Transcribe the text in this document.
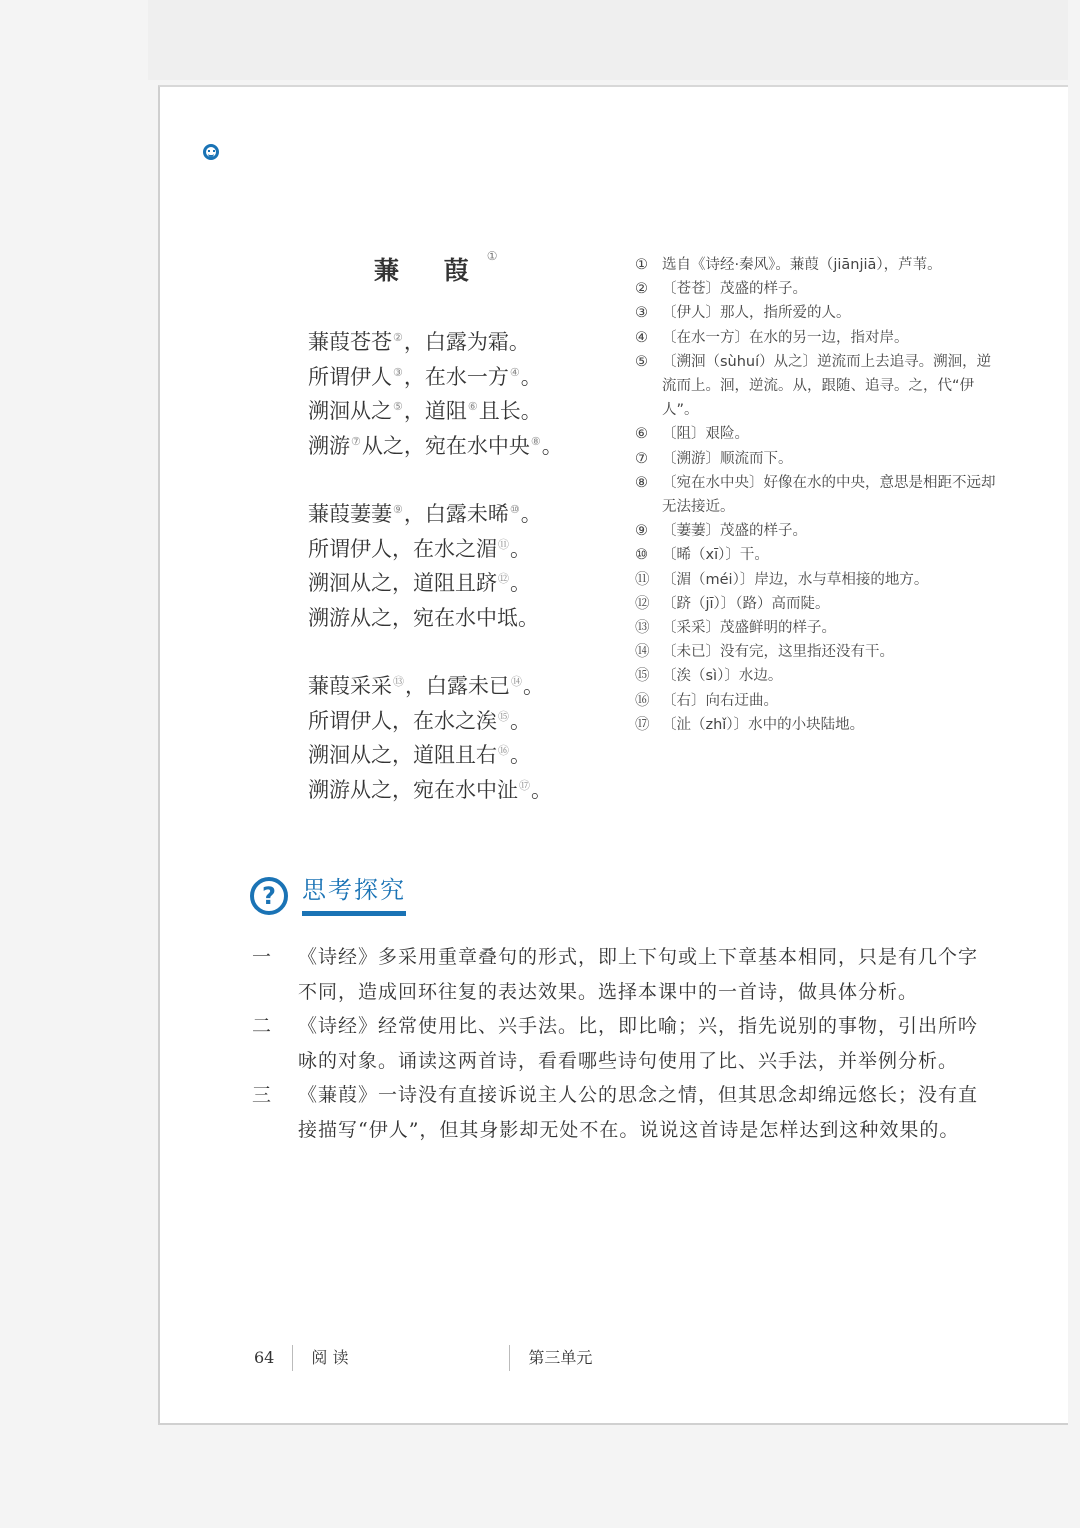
蒹 葭 ①
蒹葭苍苍②，白露为霜。
所谓伊人③，在水一方④。
溯洄从之⑤，道阻⑥且长。
溯游⑦从之，宛在水中央⑧。
蒹葭萋萋⑨，白露未晞⑩。
所谓伊人，在水之湄⑪。
溯洄从之，道阻且跻⑫。
溯游从之，宛在水中坻。
蒹葭采采⑬，白露未已⑭。
所谓伊人，在水之涘⑮。
溯洄从之，道阻且右⑯。
溯游从之，宛在水中沚⑰。
① 选自《诗经·秦风》。蒹葭（jiānjiā），芦苇。
② 〔苍苍〕茂盛的样子。
③ 〔伊人〕那人，指所爱的人。
④ 〔在水一方〕在水的另一边，指对岸。
⑤ 〔溯洄（sùhuí）从之〕逆流而上去追寻。溯洄，逆流而上。洄，逆流。从，跟随、追寻。之，代“伊人”。
⑥ 〔阻〕艰险。
⑦ 〔溯游〕顺流而下。
⑧ 〔宛在水中央〕好像在水的中央，意思是相距不远却无法接近。
⑨ 〔萋萋〕茂盛的样子。
⑩ 〔晞（xī）〕干。
⑪ 〔湄（méi）〕岸边，水与草相接的地方。
⑫ 〔跻（jī）〕（路）高而陡。
⑬ 〔采采〕茂盛鲜明的样子。
⑭ 〔未已〕没有完，这里指还没有干。
⑮ 〔涘（sì）〕水边。
⑯ 〔右〕向右迂曲。
⑰ 〔沚（zhǐ）〕水中的小块陆地。
?	思考探究
一	《诗经》多采用重章叠句的形式，即上下句或上下章基本相同，只是有几个字不同，造成回环往复的表达效果。选择本课中的一首诗，做具体分析。
二	《诗经》经常使用比、兴手法。比，即比喻；兴，指先说别的事物，引出所吟咏的对象。诵读这两首诗，看看哪些诗句使用了比、兴手法，并举例分析。
三	《蒹葭》一诗没有直接诉说主人公的思念之情，但其思念却绵远悠长；没有直接描写“伊人”，但其身影却无处不在。说说这首诗是怎样达到这种效果的。
64 阅 读	第三单元
